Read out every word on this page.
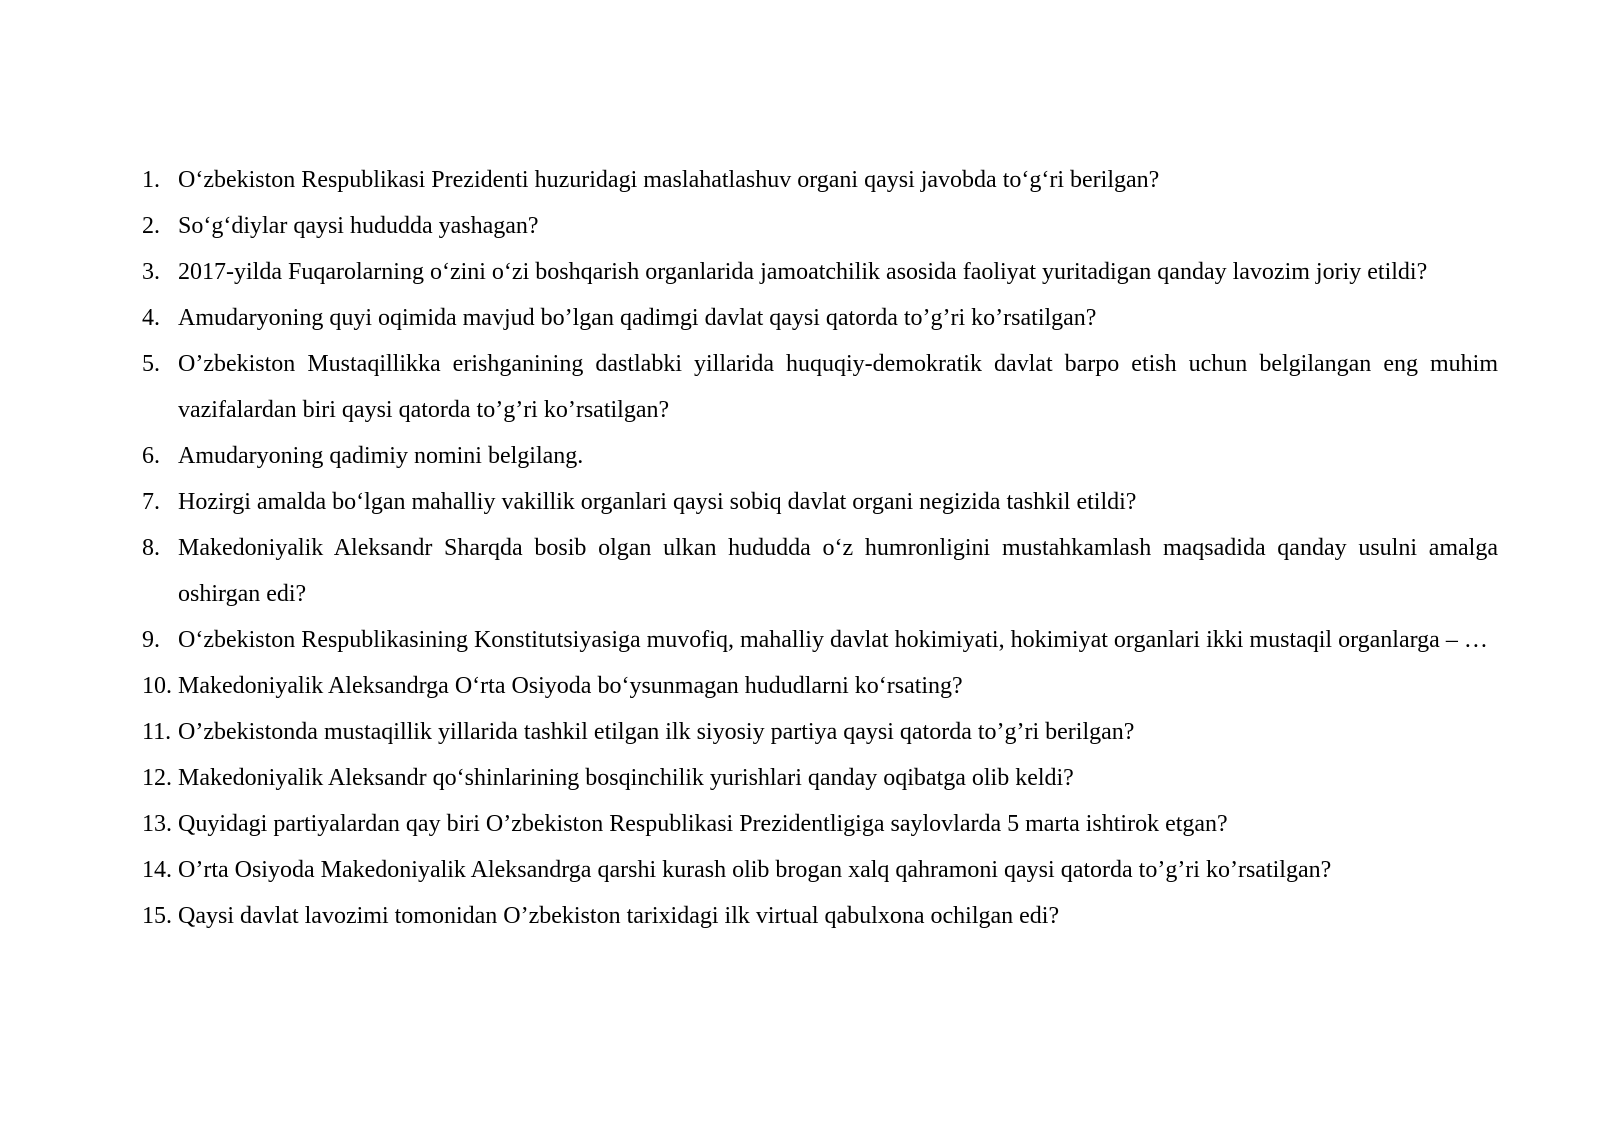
1. O‘zbekiston Respublikasi Prezidenti huzuridagi maslahatlashuv organi qaysi javobda to‘g‘ri berilgan?
2. So‘g‘diylar qaysi hududda yashagan?
3. 2017-yilda Fuqarolarning o‘zini o‘zi boshqarish organlarida jamoatchilik asosida faoliyat yuritadigan qanday lavozim joriy etildi?
4. Amudaryoning quyi oqimida mavjud bo’lgan qadimgi davlat qaysi qatorda to’g’ri ko’rsatilgan?
5. O’zbekiston Mustaqillikka erishganining dastlabki yillarida huquqiy-demokratik davlat barpo etish uchun belgilangan eng muhim vazifalardan biri qaysi qatorda to’g’ri ko’rsatilgan?
6. Amudaryoning qadimiy nomini belgilang.
7. Hozirgi amalda bo‘lgan mahalliy vakillik organlari qaysi sobiq davlat organi negizida tashkil etildi?
8. Makedoniyalik Aleksandr Sharqda bosib olgan ulkan hududda o‘z humronligini mustahkamlash maqsadida qanday usulni amalga oshirgan edi?
9. O‘zbekiston Respublikasining Konstitutsiyasiga muvofiq, mahalliy davlat hokimiyati, hokimiyat organlari ikki mustaqil organlarga – …
10. Makedoniyalik Aleksandrga O‘rta Osiyoda bo‘ysunmagan hududlarni ko‘rsating?
11. O’zbekistonda mustaqillik yillarida tashkil etilgan ilk siyosiy partiya qaysi qatorda to’g’ri berilgan?
12. Makedoniyalik Aleksandr qo‘shinlarining bosqinchilik yurishlari qanday oqibatga olib keldi?
13. Quyidagi partiyalardan qay biri O’zbekiston Respublikasi Prezidentligiga saylovlarda 5 marta ishtirok etgan?
14. O’rta Osiyoda Makedoniyalik Aleksandrga qarshi kurash olib brogan xalq qahramoni qaysi qatorda to’g’ri ko’rsatilgan?
15. Qaysi davlat lavozimi tomonidan O’zbekiston tarixidagi ilk virtual qabulxona ochilgan edi?
